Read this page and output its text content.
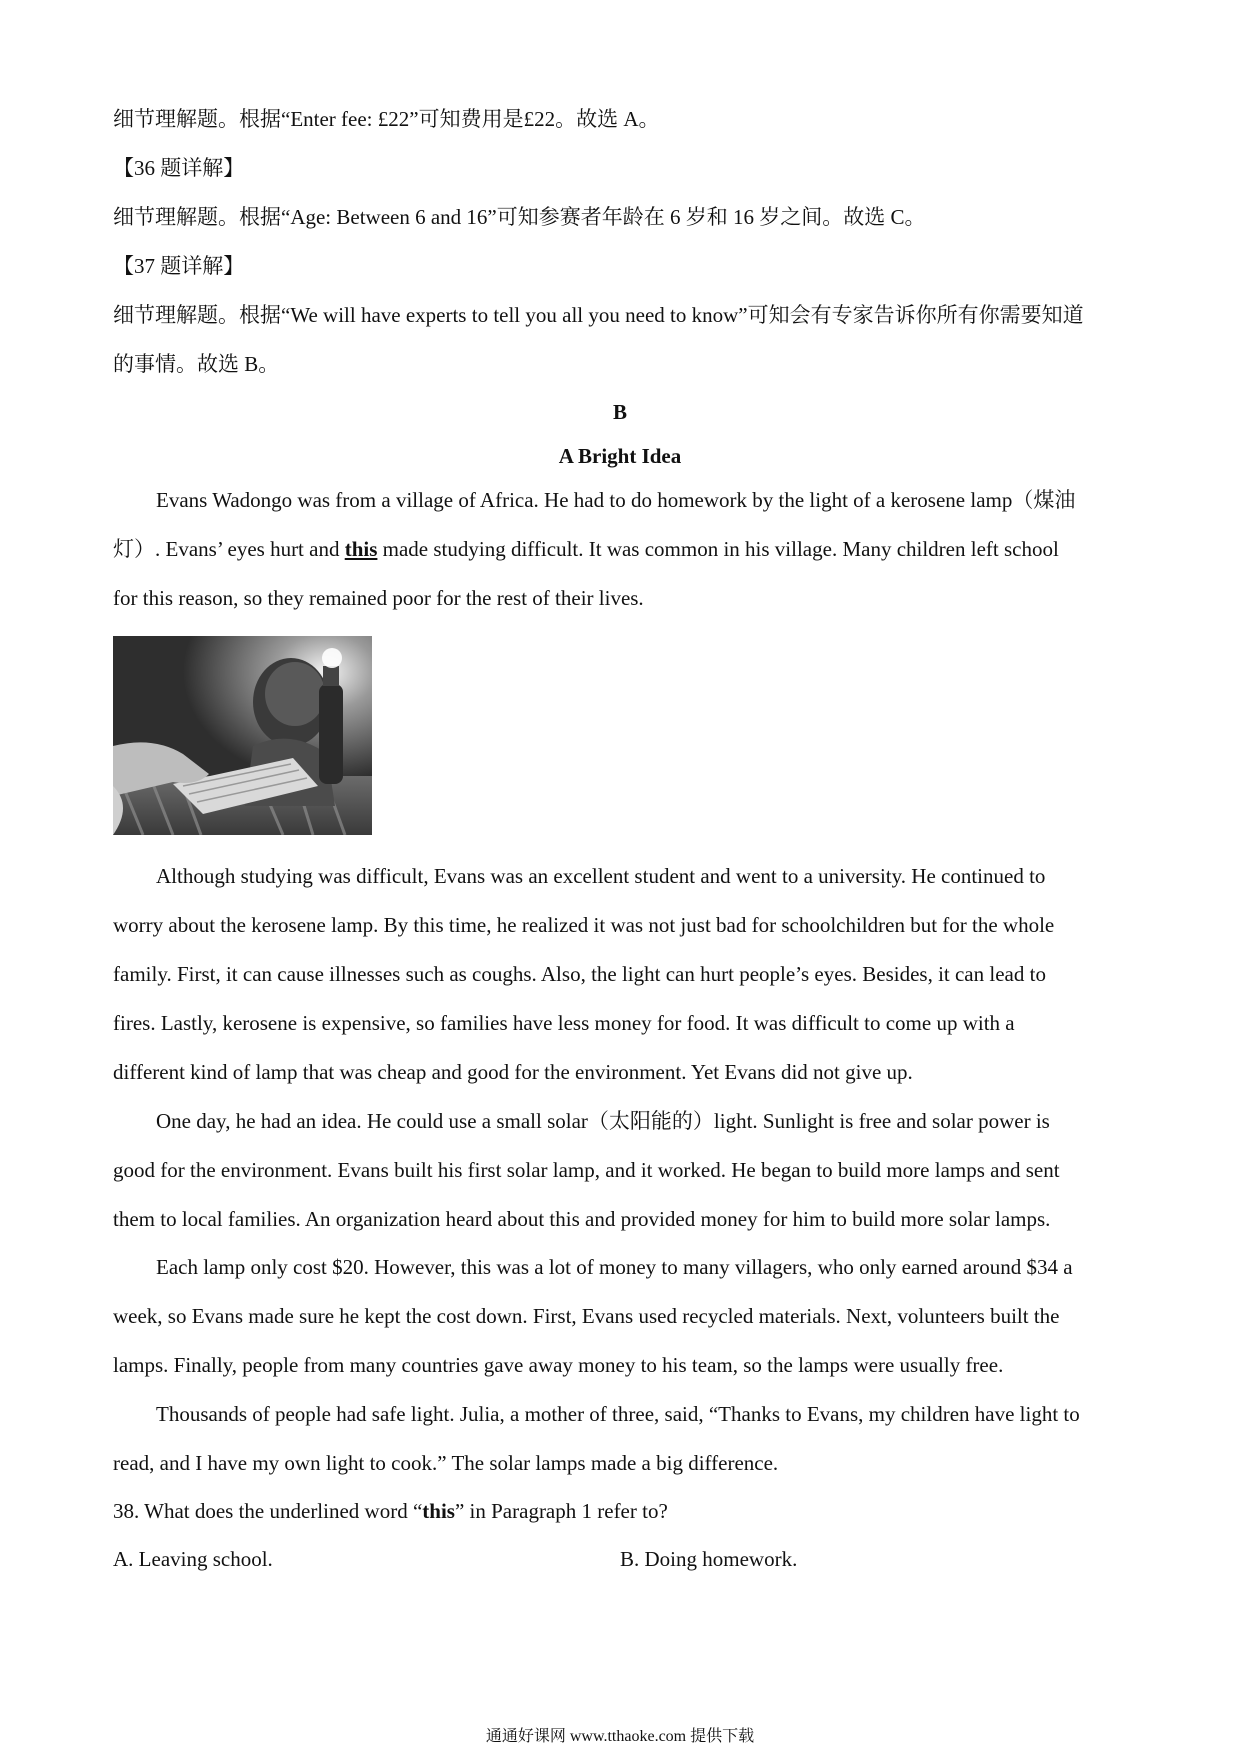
细节理解题。根据“Enter fee: £22”可知费用是£22。故选 A。
【36 题详解】
细节理解题。根据“Age: Between 6 and 16”可知参赛者年龄在 6 岁和 16 岁之间。故选 C。
【37 题详解】
细节理解题。根据“We will have experts to tell you all you need to know”可知会有专家告诉你所有你需要知道
的事情。故选 B。
B
A Bright Idea
Evans Wadongo was from a village of Africa. He had to do homework by the light of a kerosene lamp（煤油
灯）. Evans’ eyes hurt and this made studying difficult. It was common in his village. Many children left school
for this reason, so they remained poor for the rest of their lives.
Although studying was difficult, Evans was an excellent student and went to a university. He continued to
worry about the kerosene lamp. By this time, he realized it was not just bad for schoolchildren but for the whole
family. First, it can cause illnesses such as coughs. Also, the light can hurt people’s eyes. Besides, it can lead to
fires. Lastly, kerosene is expensive, so families have less money for food. It was difficult to come up with a
different kind of lamp that was cheap and good for the environment. Yet Evans did not give up.
One day, he had an idea. He could use a small solar（太阳能的）light. Sunlight is free and solar power is
good for the environment. Evans built his first solar lamp, and it worked. He began to build more lamps and sent
them to local families. An organization heard about this and provided money for him to build more solar lamps.
Each lamp only cost $20. However, this was a lot of money to many villagers, who only earned around $34 a
week, so Evans made sure he kept the cost down. First, Evans used recycled materials. Next, volunteers built the
lamps. Finally, people from many countries gave away money to his team, so the lamps were usually free.
Thousands of people had safe light. Julia, a mother of three, said, “Thanks to Evans, my children have light to
read, and I have my own light to cook.” The solar lamps made a big difference.
38. What does the underlined word “this” in Paragraph 1 refer to?
A. Leaving school.	B. Doing homework.
通通好课网 www.tthaoke.com 提供下载
